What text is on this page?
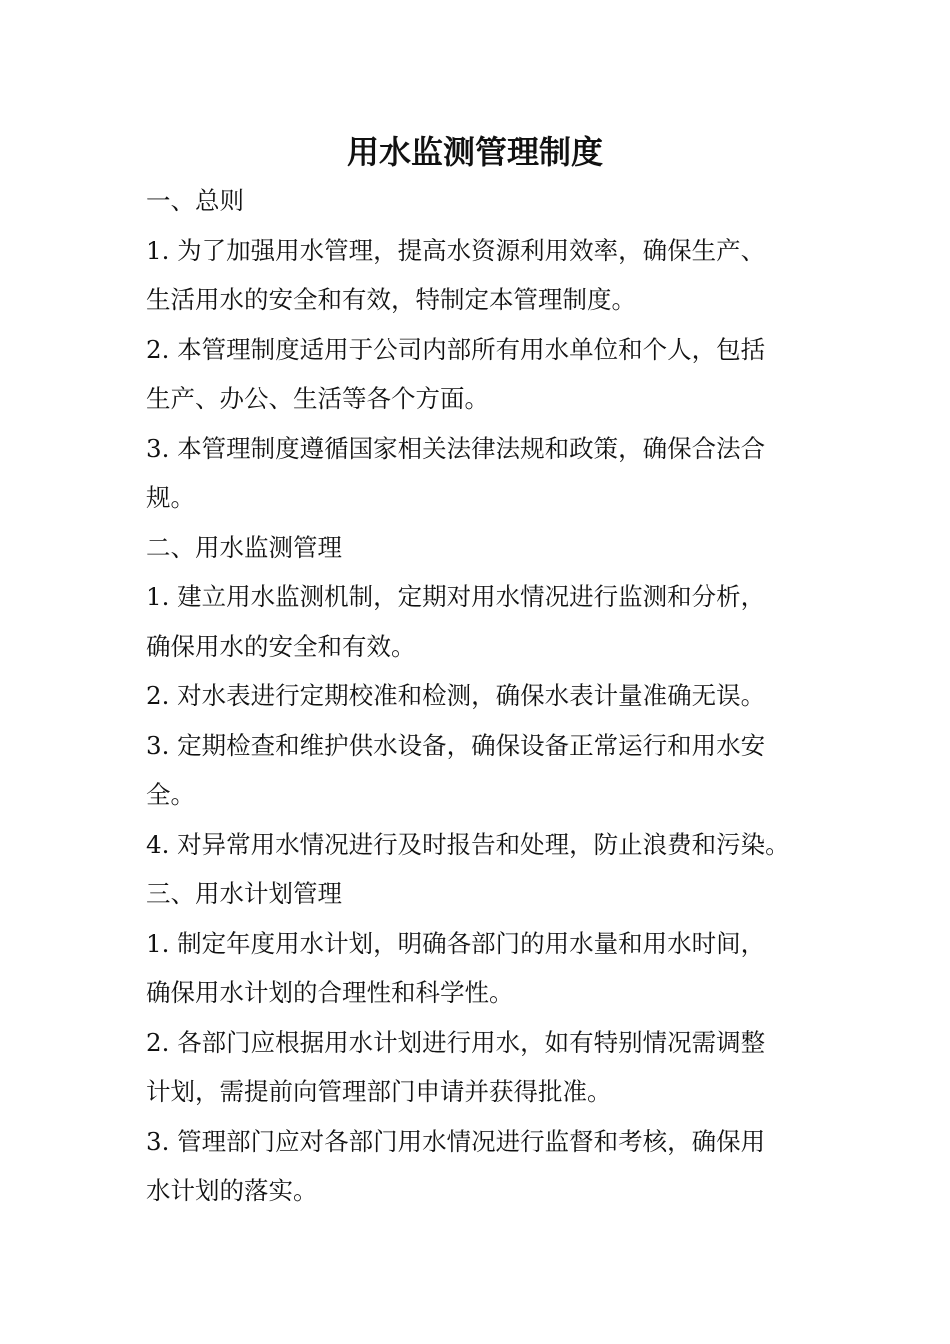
用水监测管理制度

一、总则

1. 为了加强用水管理，提高水资源利用效率，确保生产、

生活用水的安全和有效，特制定本管理制度。

2. 本管理制度适用于公司内部所有用水单位和个人，包括

生产、办公、生活等各个方面。

3. 本管理制度遵循国家相关法律法规和政策，确保合法合

规。

二、用水监测管理

1. 建立用水监测机制，定期对用水情况进行监测和分析，

确保用水的安全和有效。

2. 对水表进行定期校准和检测，确保水表计量准确无误。

3. 定期检查和维护供水设备，确保设备正常运行和用水安

全。

4. 对异常用水情况进行及时报告和处理，防止浪费和污染。

三、用水计划管理

1. 制定年度用水计划，明确各部门的用水量和用水时间，

确保用水计划的合理性和科学性。

2. 各部门应根据用水计划进行用水，如有特别情况需调整

计划，需提前向管理部门申请并获得批准。

3. 管理部门应对各部门用水情况进行监督和考核，确保用

水计划的落实。
